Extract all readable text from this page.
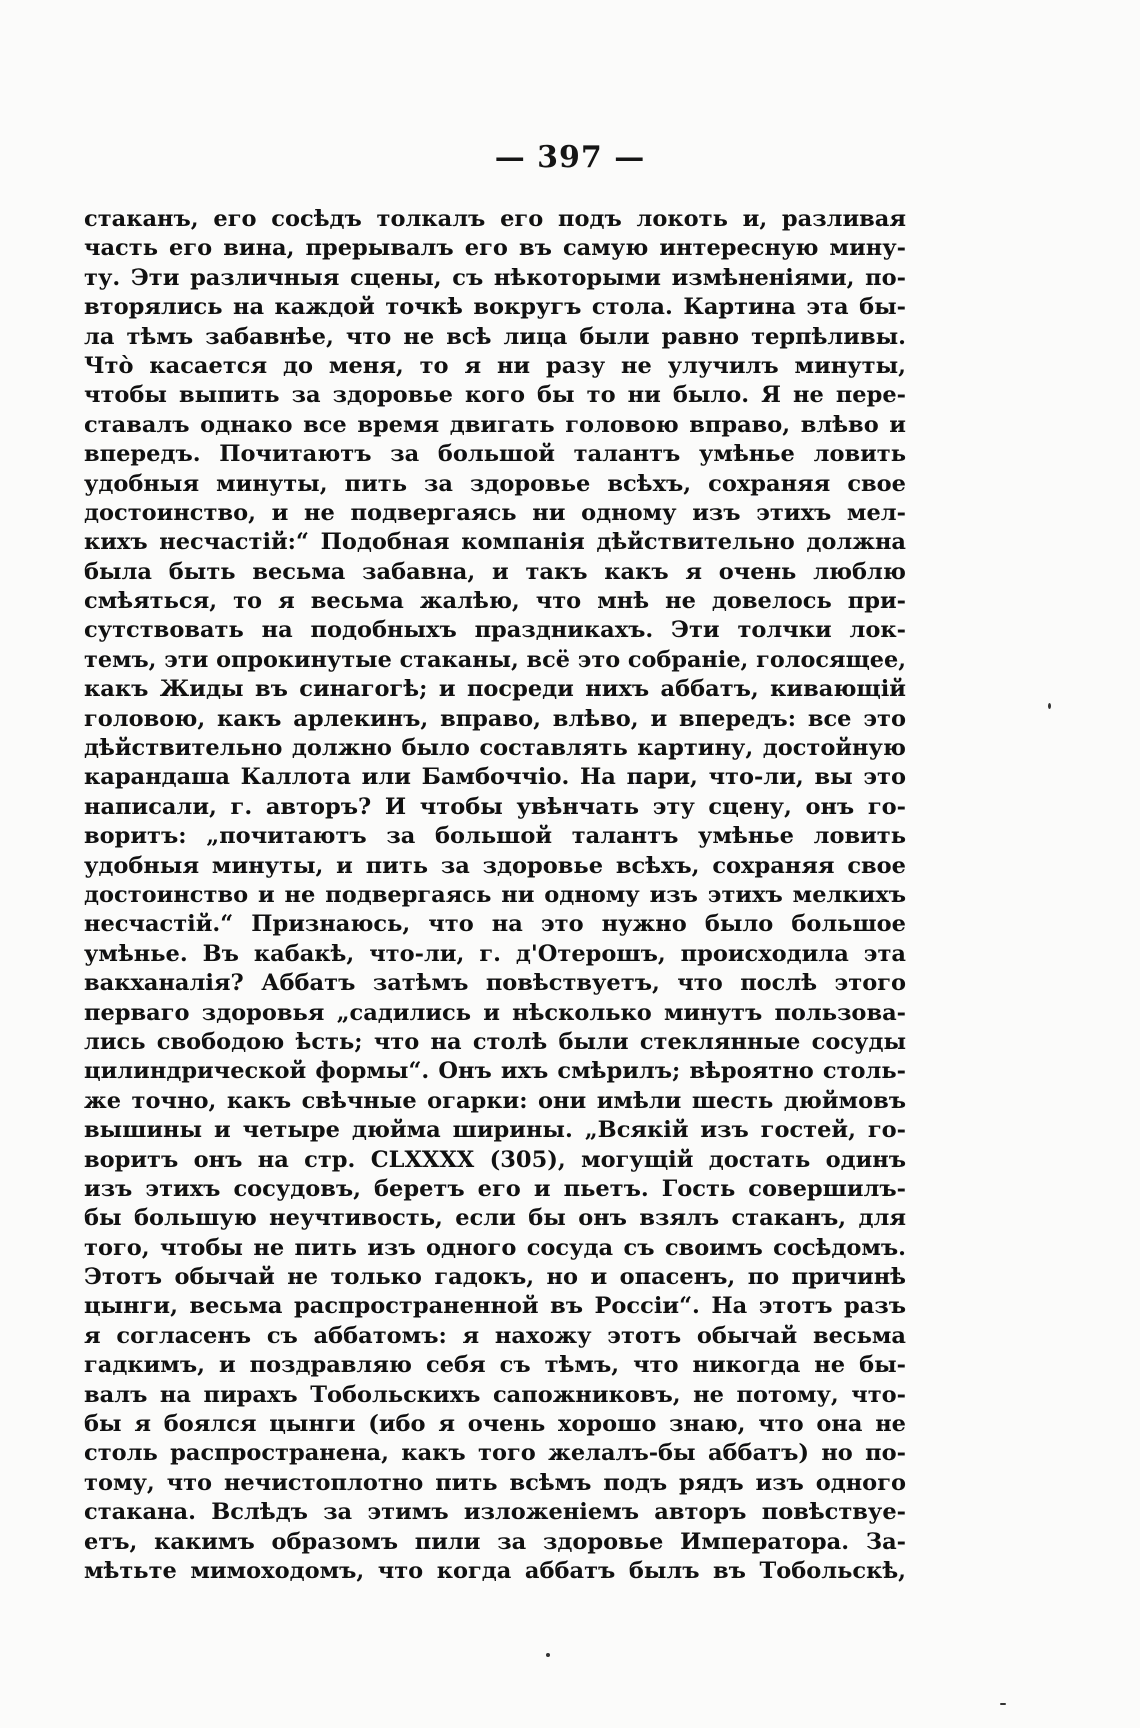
— 397 —
стаканъ, его сосѣдъ толкалъ его подъ локоть и, разливая
часть его вина, прерывалъ его въ самую интересную мину-
ту. Эти различныя сцены, съ нѣкоторыми измѣненіями, по-
вторялись на каждой точкѣ вокругъ стола. Картина эта бы-
ла тѣмъ забавнѣе, что не всѣ лица были равно терпѣливы.
Чтò касается до меня, то я ни разу не улучилъ минуты,
чтобы выпить за здоровье кого бы то ни было. Я не пере-
ставалъ однако все время двигать головою вправо, влѣво и
впередъ. Почитаютъ за большой талантъ умѣнье ловить
удобныя минуты, пить за здоровье всѣхъ, сохраняя свое
достоинство, и не подвергаясь ни одному изъ этихъ мел-
кихъ несчастій:“ Подобная компанія дѣйствительно должна
была быть весьма забавна, и такъ какъ я очень люблю
смѣяться, то я весьма жалѣю, что мнѣ не довелось при-
сутствовать на подобныхъ праздникахъ. Эти толчки лок-
темъ, эти опрокинутые стаканы, всё это собраніе, голосящее,
какъ Жиды въ синагогѣ; и посреди нихъ аббатъ, кивающій
головою, какъ арлекинъ, вправо, влѣво, и впередъ: все это
дѣйствительно должно было составлять картину, достойную
карандаша Каллота или Бамбоччіо. На пари, что-ли, вы это
написали, г. авторъ? И чтобы увѣнчать эту сцену, онъ го-
воритъ: „почитаютъ за большой талантъ умѣнье ловить
удобныя минуты, и пить за здоровье всѣхъ, сохраняя свое
достоинство и не подвергаясь ни одному изъ этихъ мелкихъ
несчастій.“ Признаюсь, что на это нужно было большое
умѣнье. Въ кабакѣ, что-ли, г. д'Отерошъ, происходила эта
вакханалія? Аббатъ затѣмъ повѣствуетъ, что послѣ этого
перваго здоровья „садились и нѣсколько минутъ пользова-
лись свободою ѣсть; что на столѣ были стеклянные сосуды
цилиндрической формы“. Онъ ихъ смѣрилъ; вѣроятно столь-
же точно, какъ свѣчные огарки: они имѣли шесть дюймовъ
вышины и четыре дюйма ширины. „Всякій изъ гостей, го-
воритъ онъ на стр. CLXXXX (305), могущій достать одинъ
изъ этихъ сосудовъ, беретъ его и пьетъ. Гость совершилъ-
бы большую неучтивость, если бы онъ взялъ стаканъ, для
того, чтобы не пить изъ одного сосуда съ своимъ сосѣдомъ.
Этотъ обычай не только гадокъ, но и опасенъ, по причинѣ
цынги, весьма распространенной въ Россіи“. На этотъ разъ
я согласенъ съ аббатомъ: я нахожу этотъ обычай весьма
гадкимъ, и поздравляю себя съ тѣмъ, что никогда не бы-
валъ на пирахъ Тобольскихъ сапожниковъ, не потому, что-
бы я боялся цынги (ибо я очень хорошо знаю, что она не
столь распространена, какъ того желалъ-бы аббатъ) но по-
тому, что нечистоплотно пить всѣмъ подъ рядъ изъ одного
стакана. Вслѣдъ за этимъ изложеніемъ авторъ повѣствуе-
етъ, какимъ образомъ пили за здоровье Императора. За-
мѣтьте мимоходомъ, что когда аббатъ былъ въ Тобольскѣ,
